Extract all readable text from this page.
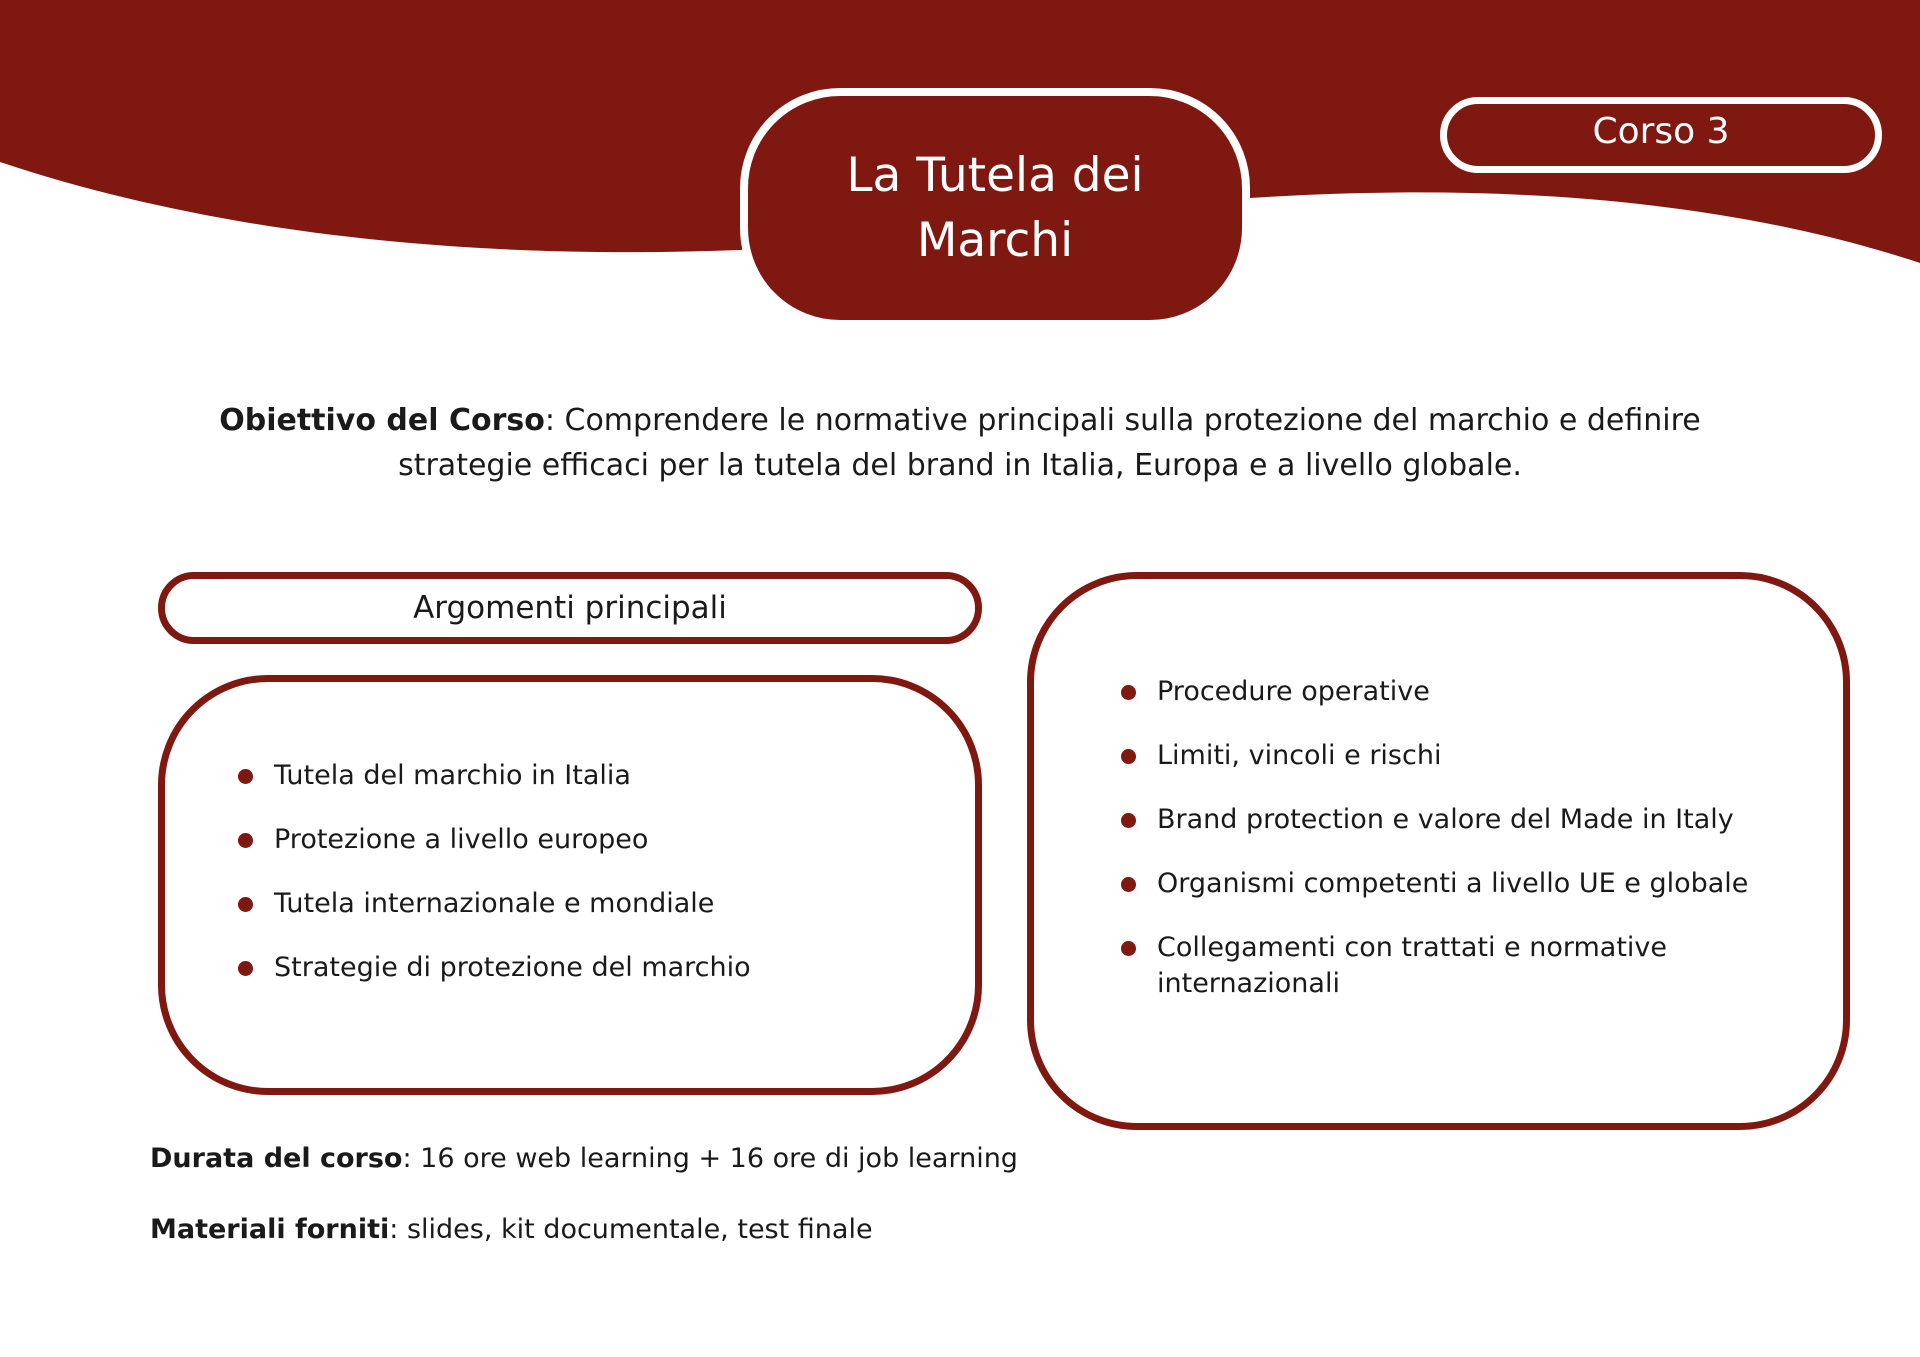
La Tutela dei Marchi
Corso 3
Obiettivo del Corso: Comprendere le normative principali sulla protezione del marchio e definire strategie efficaci per la tutela del brand in Italia, Europa e a livello globale.
Argomenti principali
Tutela del marchio in Italia
Protezione a livello europeo
Tutela internazionale e mondiale
Strategie di protezione del marchio
Procedure operative
Limiti, vincoli e rischi
Brand protection e valore del Made in Italy
Organismi competenti a livello UE e globale
Collegamenti con trattati e normative internazionali
Durata del corso: 16 ore web learning + 16 ore di job learning
Materiali forniti: slides, kit documentale, test finale
